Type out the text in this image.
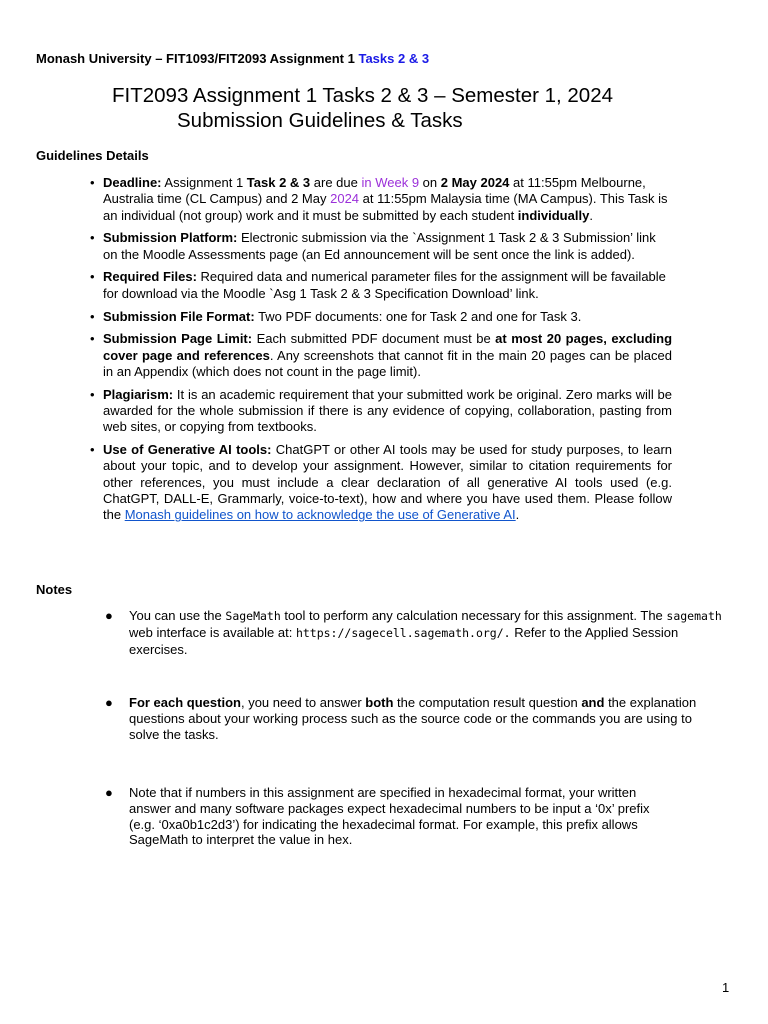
Monash University – FIT1093/FIT2093 Assignment 1 Tasks 2 & 3
FIT2093 Assignment 1 Tasks 2 & 3 – Semester 1, 2024
Submission Guidelines & Tasks
Guidelines Details
• Deadline: Assignment 1 Task 2 & 3 are due in Week 9 on 2 May 2024 at 11:55pm Melbourne, Australia time (CL Campus) and 2 May 2024 at 11:55pm Malaysia time (MA Campus). This Task is an individual (not group) work and it must be submitted by each student individually.
• Submission Platform: Electronic submission via the `Assignment 1 Task 2 & 3 Submission’ link on the Moodle Assessments page (an Ed announcement will be sent once the link is added).
• Required Files: Required data and numerical parameter files for the assignment will be favailable for download via the Moodle `Asg 1 Task 2 & 3 Specification Download’ link.
• Submission File Format: Two PDF documents: one for Task 2 and one for Task 3.
• Submission Page Limit: Each submitted PDF document must be at most 20 pages, excluding cover page and references. Any screenshots that cannot fit in the main 20 pages can be placed in an Appendix (which does not count in the page limit).
• Plagiarism: It is an academic requirement that your submitted work be original. Zero marks will be awarded for the whole submission if there is any evidence of copying, collaboration, pasting from web sites, or copying from textbooks.
• Use of Generative AI tools: ChatGPT or other AI tools may be used for study purposes, to learn about your topic, and to develop your assignment. However, similar to citation requirements for other references, you must include a clear declaration of all generative AI tools used (e.g. ChatGPT, DALL-E, Grammarly, voice-to-text), how and where you have used them. Please follow the Monash guidelines on how to acknowledge the use of Generative AI.
Notes
● You can use the SageMath tool to perform any calculation necessary for this assignment. The sagemath web interface is available at: https://sagecell.sagemath.org/. Refer to the Applied Session exercises.
● For each question, you need to answer both the computation result question and the explanation questions about your working process such as the source code or the commands you are using to solve the tasks.
● Note that if numbers in this assignment are specified in hexadecimal format, your written answer and many software packages expect hexadecimal numbers to be input a ‘0x’ prefix (e.g. ‘0xa0b1c2d3’) for indicating the hexadecimal format. For example, this prefix allows SageMath to interpret the value in hex.
1
